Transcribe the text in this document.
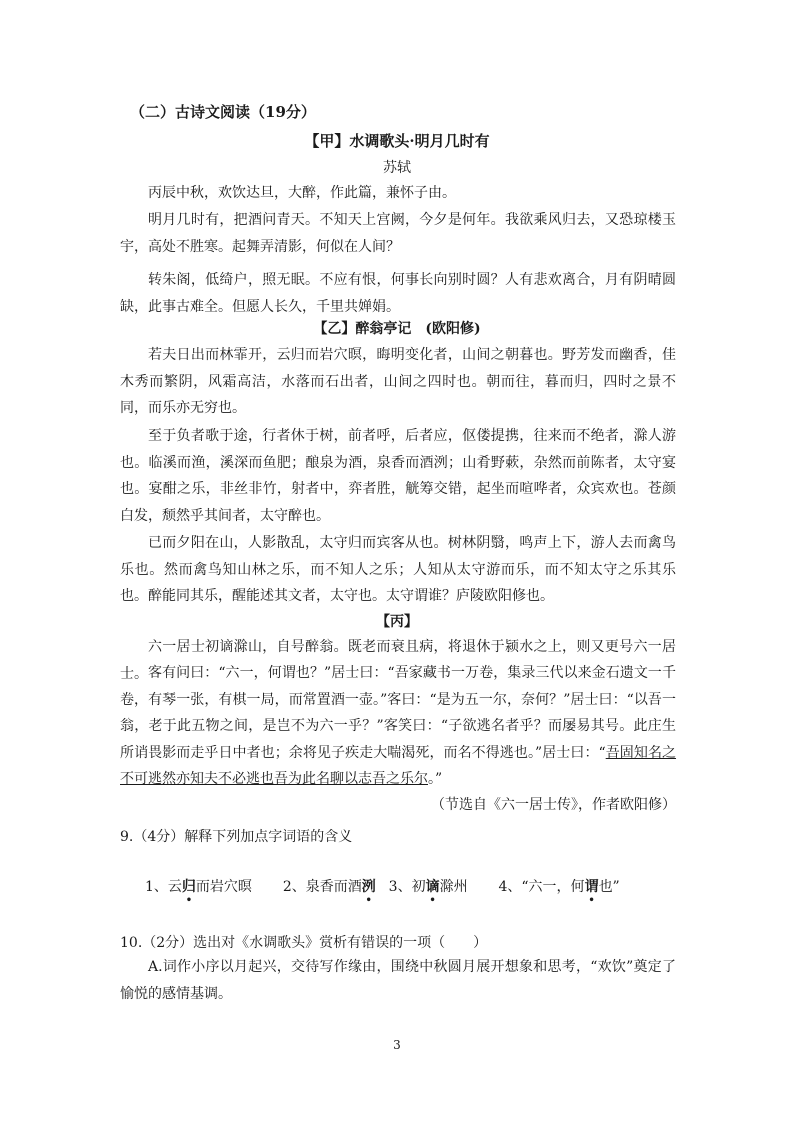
（二）古诗文阅读（19分）

【甲】水调歌头·明月几时有

苏轼

丙辰中秋，欢饮达旦，大醉，作此篇，兼怀子由。

明月几时有，把酒问青天。不知天上宫阙，今夕是何年。我欲乘风归去，又恐琼楼玉宇，高处不胜寒。起舞弄清影，何似在人间？

转朱阁，低绮户，照无眠。不应有恨，何事长向别时圆？人有悲欢离合，月有阴晴圆缺，此事古难全。但愿人长久，千里共婵娟。

【乙】醉翁亭记　(欧阳修)

若夫日出而林霏开，云归而岩穴暝，晦明变化者，山间之朝暮也。野芳发而幽香，佳木秀而繁阴，风霜高洁，水落而石出者，山间之四时也。朝而往，暮而归，四时之景不同，而乐亦无穷也。

至于负者歌于途，行者休于树，前者呼，后者应，伛偻提携，往来而不绝者，滁人游也。临溪而渔，溪深而鱼肥；酿泉为酒，泉香而酒洌；山肴野蔌，杂然而前陈者，太守宴也。宴酣之乐，非丝非竹，射者中，弈者胜，觥筹交错，起坐而喧哗者，众宾欢也。苍颜白发，颓然乎其间者，太守醉也。

已而夕阳在山，人影散乱，太守归而宾客从也。树林阴翳，鸣声上下，游人去而禽鸟乐也。然而禽鸟知山林之乐，而不知人之乐；人知从太守游而乐，而不知太守之乐其乐也。醉能同其乐，醒能述其文者，太守也。太守谓谁？庐陵欧阳修也。

【丙】

六一居士初谪滁山，自号醉翁。既老而衰且病，将退休于颍水之上，则又更号六一居士。 客有问曰：“六一，何谓也？”居士曰：“吾家藏书一万卷，集录三代以来金石遗文一千卷，有琴一张，有棋一局，而常置酒一壶。”客曰：“是为五一尔，奈何？”居士曰：“以吾一翁，老于此五物之间，是岂不为六一乎？”客笑曰：“子欲逃名者乎？而屡易其号。此庄生所诮畏影而走乎日中者也；余将见子疾走大喘渴死，而名不得逃也。”居士曰：“吾固知名之不可逃然亦知夫不必逃也吾为此名聊以志吾之乐尔。”

（节选自《六一居士传》，作者欧阳修）

9.（4分）解释下列加点字词语的含义

1、云归而岩穴暝 2、泉香而酒洌 3、初谪滁州 4、“六一，何谓也”

10.（2分）选出对《水调歌头》赏析有错误的一项（　　）

A.词作小序以月起兴，交待写作缘由，围绕中秋圆月展开想象和思考，“欢饮”奠定了愉悦的感情基调。

3
